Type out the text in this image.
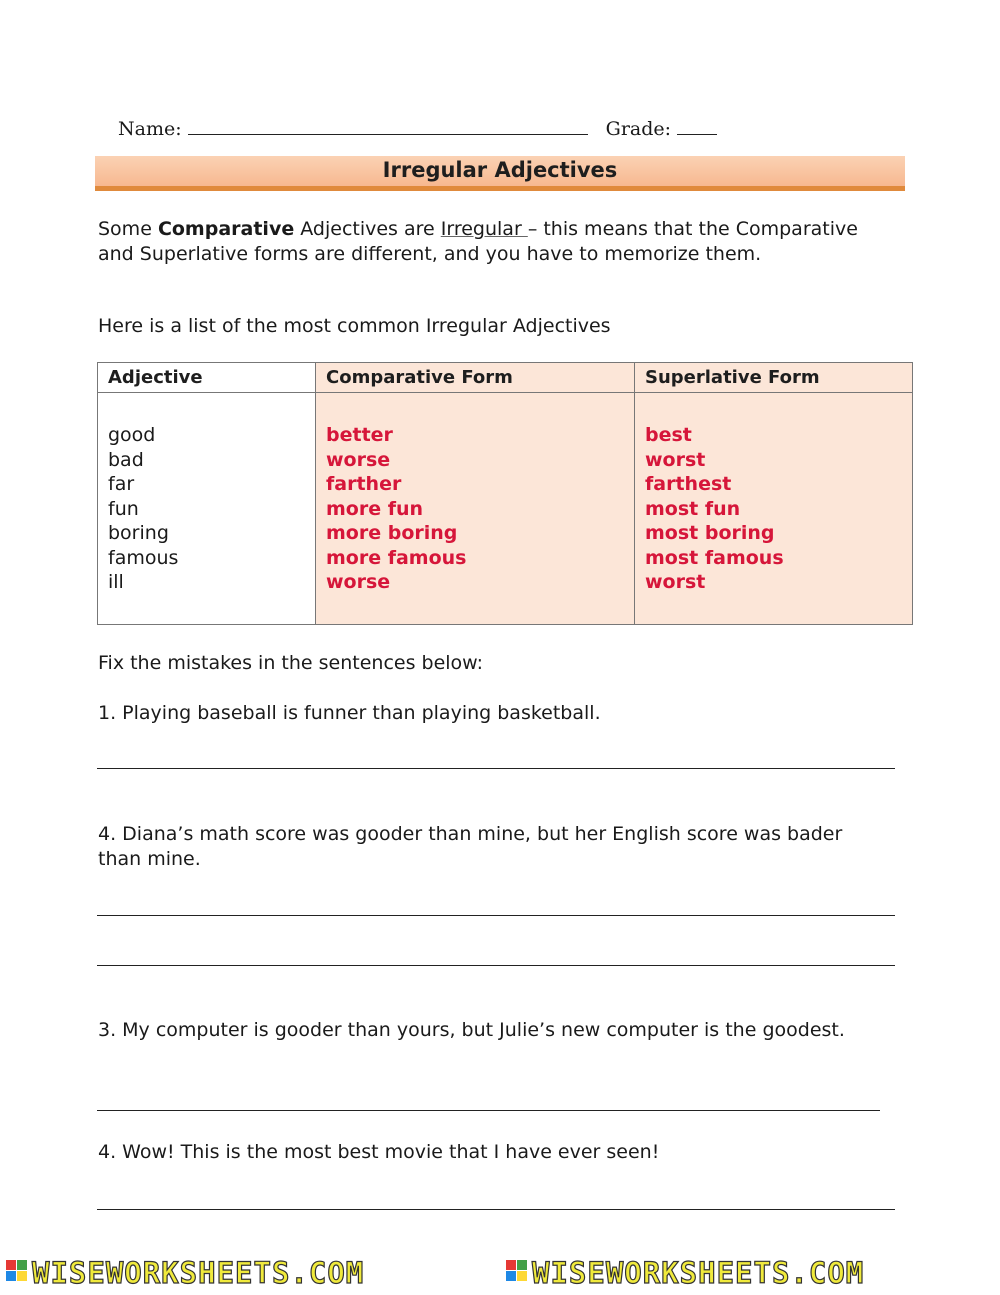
Name:	Grade:
Irregular Adjectives
Some Comparative Adjectives are Irregular – this means that the Comparative and Superlative forms are different, and you have to memorize them.
Here is a list of the most common Irregular Adjectives
Adjective
good
bad
far
fun
boring
famous
ill
Comparative Form
better
worse
farther
more fun
more boring
more famous
worse
Superlative Form
best
worst
farthest
most fun
most boring
most famous
worst
Fix the mistakes in the sentences below:
1. Playing baseball is funner than playing basketball.
4. Diana’s math score was gooder than mine, but her English score was bader than mine.
3. My computer is gooder than yours, but Julie’s new computer is the goodest.
4. Wow! This is the most best movie that I have ever seen!
WISEWORKSHEETS.COM	WISEWORKSHEETS.COM
